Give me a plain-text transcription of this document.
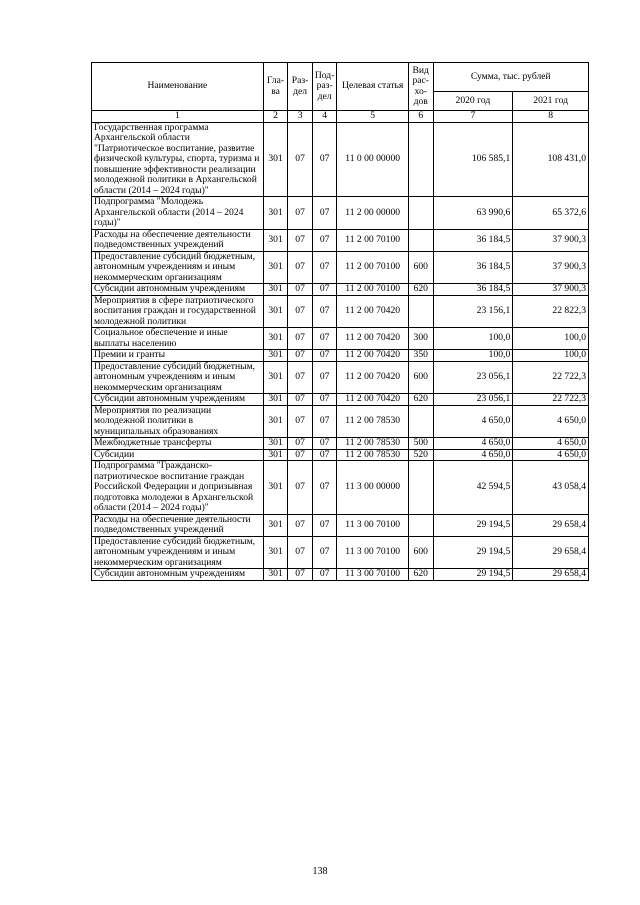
Наименование	Гла-ва	Раз-дел	Под-раз-дел	Целевая статья	Вид рас-хо-дов	Сумма, тыс. рублей	
						2020 год	2021 год
1	2	3	4	5	6	7	8
Государственная программа Архангельской области "Патриотическое воспитание, развитие физической культуры, спорта, туризма и повышение эффективности реализации молодежной политики в Архангельской области (2014 – 2024 годы)"	301	07	07	11 0 00 00000		106 585,1	108 431,0
Подпрограмма "Молодежь Архангельской области (2014 – 2024 годы)"	301	07	07	11 2 00 00000		63 990,6	65 372,6
Расходы на обеспечение деятельности подведомственных учреждений	301	07	07	11 2 00 70100		36 184,5	37 900,3
Предоставление субсидий бюджетным, автономным учреждениям и иным некоммерческим организациям	301	07	07	11 2 00 70100	600	36 184,5	37 900,3
Субсидии автономным учреждениям	301	07	07	11 2 00 70100	620	36 184,5	37 900,3
Мероприятия в сфере патриотического воспитания граждан и государственной молодежной политики	301	07	07	11 2 00 70420		23 156,1	22 822,3
Социальное обеспечение и иные выплаты населению	301	07	07	11 2 00 70420	300	100,0	100,0
Премии и гранты	301	07	07	11 2 00 70420	350	100,0	100,0
Предоставление субсидий бюджетным, автономным учреждениям и иным некоммерческим организациям	301	07	07	11 2 00 70420	600	23 056,1	22 722,3
Субсидии автономным учреждениям	301	07	07	11 2 00 70420	620	23 056,1	22 722,3
Мероприятия по реализации молодежной политики в муниципальных образованиях	301	07	07	11 2 00 78530		4 650,0	4 650,0
Межбюджетные трансферты	301	07	07	11 2 00 78530	500	4 650,0	4 650,0
Субсидии	301	07	07	11 2 00 78530	520	4 650,0	4 650,0
Подпрограмма "Гражданско-патриотическое воспитание граждан Российской Федерации и допризывная подготовка молодежи в Архангельской области (2014 – 2024 годы)"	301	07	07	11 3 00 00000		42 594,5	43 058,4
Расходы на обеспечение деятельности подведомственных учреждений	301	07	07	11 3 00 70100		29 194,5	29 658,4
Предоставление субсидий бюджетным, автономным учреждениям и иным некоммерческим организациям	301	07	07	11 3 00 70100	600	29 194,5	29 658,4
Субсидии автономным учреждениям	301	07	07	11 3 00 70100	620	29 194,5	29 658,4
138
